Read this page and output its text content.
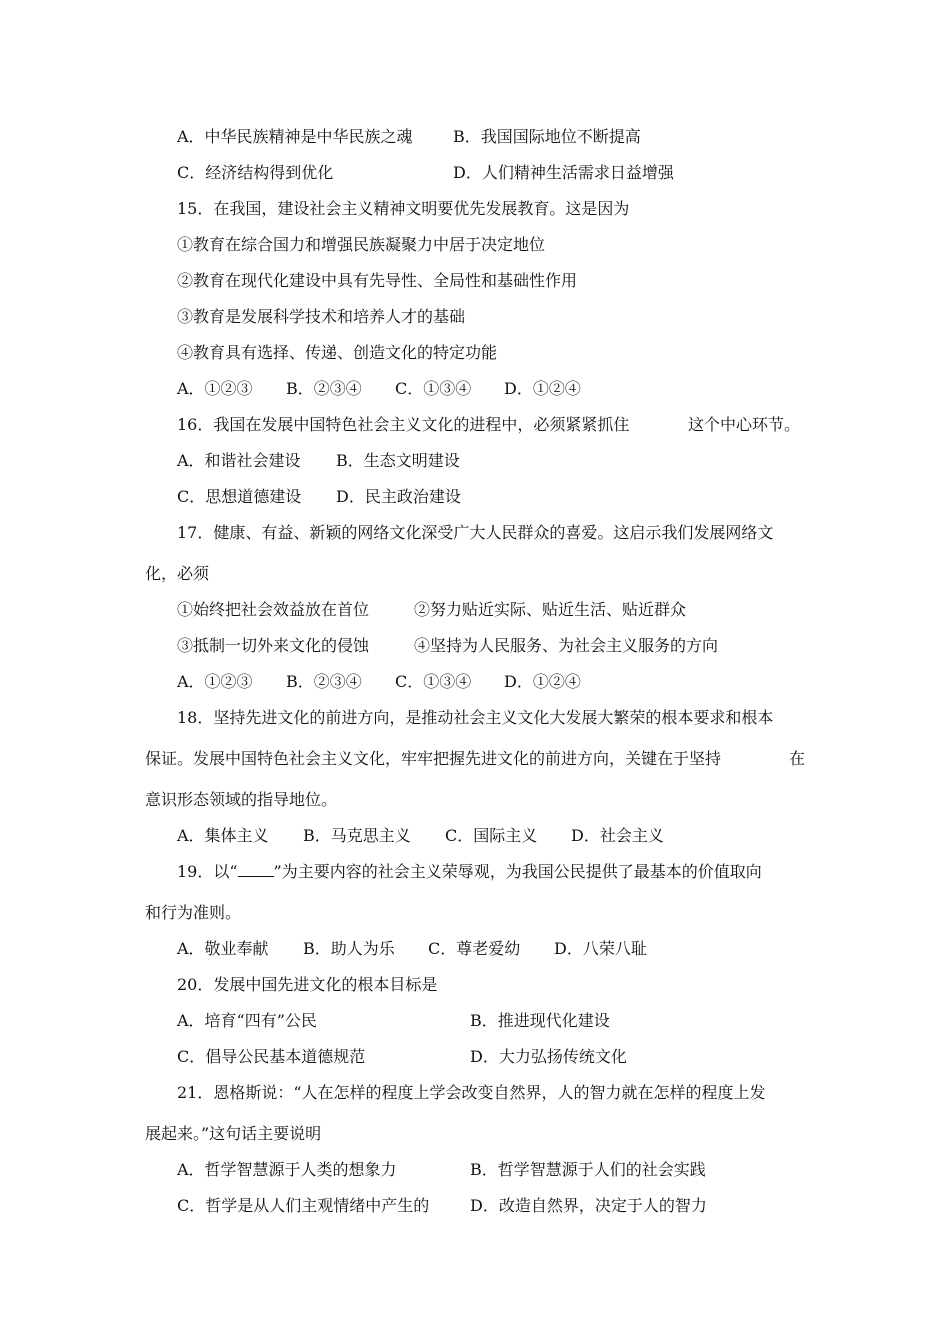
A．中华民族精神是中华民族之魂	B．我国国际地位不断提高
C．经济结构得到优化	D．人们精神生活需求日益增强
15．在我国，建设社会主义精神文明要优先发展教育。这是因为
①教育在综合国力和增强民族凝聚力中居于决定地位
②教育在现代化建设中具有先导性、全局性和基础性作用
③教育是发展科学技术和培养人才的基础
④教育具有选择、传递、创造文化的特定功能
A．①②③ B．②③④ C．①③④ D．①②④
16．我国在发展中国特色社会主义文化的进程中，必须紧紧抓住	这个中心环节。
A．和谐社会建设 B．生态文明建设
C．思想道德建设 D．民主政治建设
17．健康、有益、新颖的网络文化深受广大人民群众的喜爱。这启示我们发展网络文
化，必须
①始终把社会效益放在首位	②努力贴近实际、贴近生活、贴近群众
③抵制一切外来文化的侵蚀	④坚持为人民服务、为社会主义服务的方向
A．①②③ B．②③④ C．①③④ D．①②④
18．坚持先进文化的前进方向，是推动社会主义文化大发展大繁荣的根本要求和根本
保证。发展中国特色社会主义文化，牢牢把握先进文化的前进方向，关键在于坚持	在
意识形态领域的指导地位。
A．集体主义 B．马克思主义 C．国际主义 D．社会主义
19．以“ ”为主要内容的社会主义荣辱观，为我国公民提供了最基本的价值取向
和行为准则。
A．敬业奉献 B．助人为乐 C．尊老爱幼 D．八荣八耻
20．发展中国先进文化的根本目标是
A．培育“四有”公民	B．推进现代化建设
C．倡导公民基本道德规范	D．大力弘扬传统文化
21．恩格斯说：“人在怎样的程度上学会改变自然界，人的智力就在怎样的程度上发
展起来。”这句话主要说明
A．哲学智慧源于人类的想象力	B．哲学智慧源于人们的社会实践
C．哲学是从人们主观情绪中产生的	D．改造自然界，决定于人的智力
